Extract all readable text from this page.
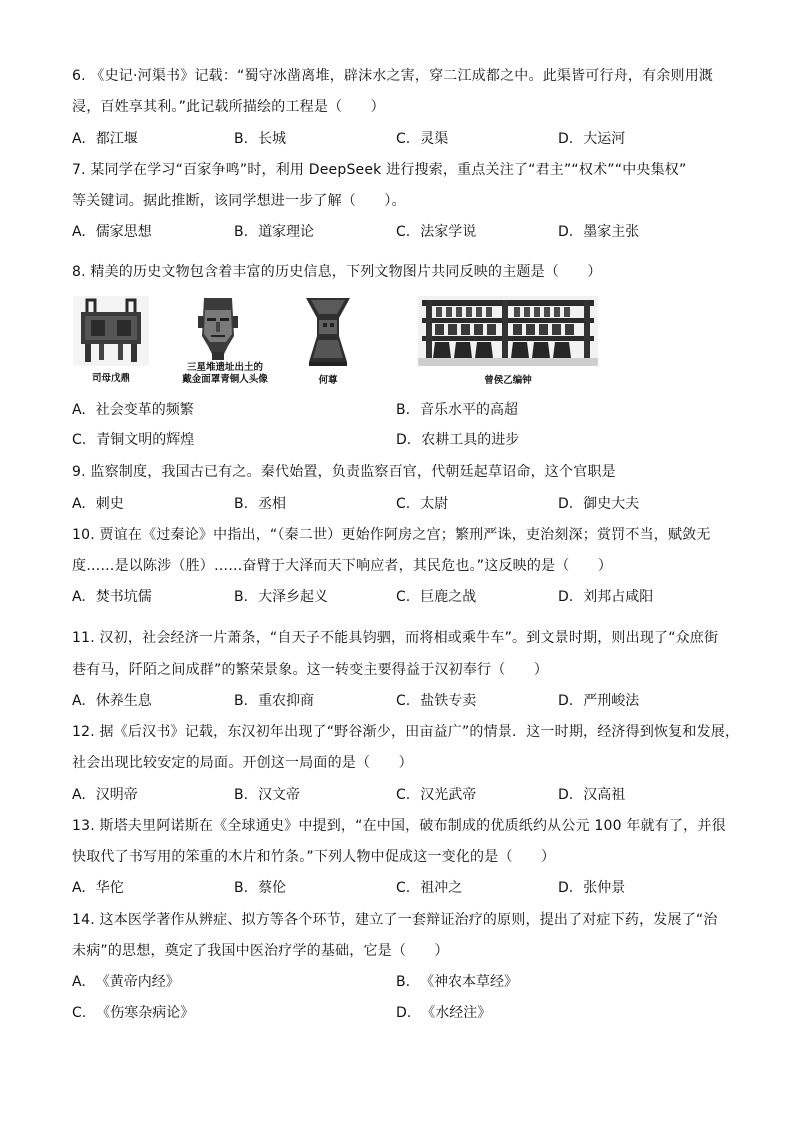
6. 《史记·河渠书》记载：“蜀守冰凿离堆，辟沫水之害，穿二江成都之中。此渠皆可行舟，有余则用溉
浸，百姓享其利。”此记载所描绘的工程是（　　）
A. 都江堰	B. 长城	C. 灵渠	D. 大运河
7. 某同学在学习“百家争鸣”时，利用 DeepSeek 进行搜索，重点关注了“君主”“权术”“中央集权”
等关键词。据此推断，该同学想进一步了解（　　）。
A. 儒家思想	B. 道家理论	C. 法家学说	D. 墨家主张
8. 精美的历史文物包含着丰富的历史信息，下列文物图片共同反映的主题是（　　）
司母戊鼎
三星堆遗址出土的
戴金面罩青铜人头像	何尊	曾侯乙编钟
A. 社会变革的频繁	B. 音乐水平的高超
C. 青铜文明的辉煌	D. 农耕工具的进步
9. 监察制度，我国古已有之。秦代始置，负责监察百官，代朝廷起草诏命，这个官职是
A. 刺史	B. 丞相	C. 太尉	D. 御史大夫
10. 贾谊在《过秦论》中指出，“（秦二世）更始作阿房之宫；繁刑严诛，吏治刻深；赏罚不当，赋敛无
度……是以陈涉（胜）……奋臂于大泽而天下响应者，其民危也。”这反映的是（　　）
A. 焚书坑儒	B. 大泽乡起义	C. 巨鹿之战	D. 刘邦占咸阳
11. 汉初，社会经济一片萧条，“自天子不能具钧驷，而将相或乘牛车”。到文景时期，则出现了“众庶街
巷有马，阡陌之间成群”的繁荣景象。这一转变主要得益于汉初奉行（　　）
A. 休养生息	B. 重农抑商	C. 盐铁专卖	D. 严刑峻法
12. 据《后汉书》记载，东汉初年出现了“野谷渐少，田亩益广”的情景．这一时期，经济得到恢复和发展，
社会出现比较安定的局面。开创这一局面的是（　　）
A. 汉明帝	B. 汉文帝	C. 汉光武帝	D. 汉高祖
13. 斯塔夫里阿诺斯在《全球通史》中提到，“在中国，破布制成的优质纸约从公元 100 年就有了，并很
快取代了书写用的笨重的木片和竹条。”下列人物中促成这一变化的是（　　）
A. 华佗	B. 蔡伦	C. 祖冲之	D. 张仲景
14. 这本医学著作从辨症、拟方等各个环节，建立了一套辩证治疗的原则，提出了对症下药，发展了“治
未病”的思想，奠定了我国中医治疗学的基础，它是（　　）
A. 《黄帝内经》	B. 《神农本草经》
C. 《伤寒杂病论》	D. 《水经注》
